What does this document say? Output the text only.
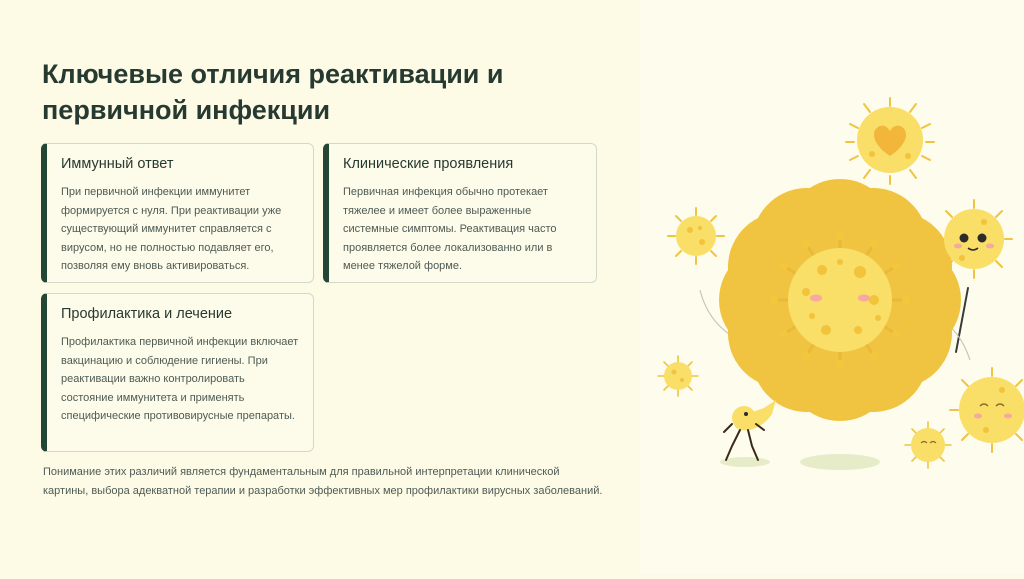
Ключевые отличия реактивации и первичной инфекции
Иммунный ответ

При первичной инфекции иммунитет формируется с нуля. При реактивации уже существующий иммунитет справляется с вирусом, но не полностью подавляет его, позволяя ему вновь активироваться.

Клинические проявления

Первичная инфекция обычно протекает тяжелее и имеет более выраженные системные симптомы. Реактивация часто проявляется более локализованно или в менее тяжелой форме.

Профилактика и лечение

Профилактика первичной инфекции включает вакцинацию и соблюдение гигиены. При реактивации важно контролировать состояние иммунитета и применять специфические противовирусные препараты.

Понимание этих различий является фундаментальным для правильной интерпретации клинической картины, выбора адекватной терапии и разработки эффективных мер профилактики вирусных заболеваний.
